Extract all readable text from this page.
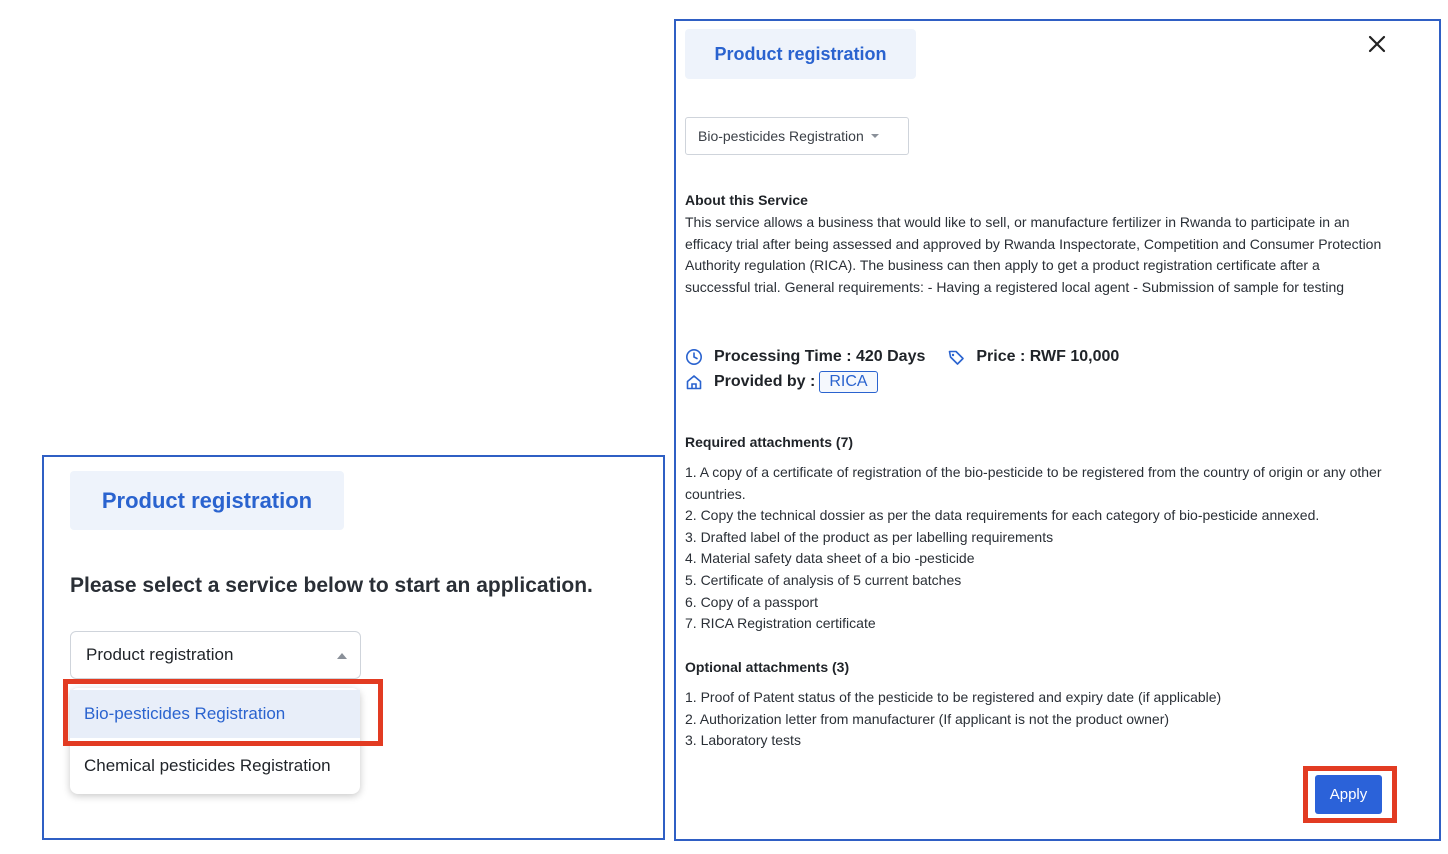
Product registration
Please select a service below to start an application.
Product registration
Bio-pesticides Registration
Chemical pesticides Registration
Product registration
Bio-pesticides Registration
About this Service
This service allows a business that would like to sell, or manufacture fertilizer in Rwanda to participate in an efficacy trial after being assessed and approved by Rwanda Inspectorate, Competition and Consumer Protection Authority regulation (RICA). The business can then apply to get a product registration certificate after a successful trial. General requirements: - Having a registered local agent - Submission of sample for testing
Processing Time : 420 Days	Price : RWF 10,000
Provided by : RICA
Required attachments (7)
1. A copy of a certificate of registration of the bio-pesticide to be registered from the country of origin or any other countries.
2. Copy the technical dossier as per the data requirements for each category of bio-pesticide annexed.
3. Drafted label of the product as per labelling requirements
4. Material safety data sheet of a bio -pesticide
5. Certificate of analysis of 5 current batches
6. Copy of a passport
7. RICA Registration certificate
Optional attachments (3)
1. Proof of Patent status of the pesticide to be registered and expiry date (if applicable)
2. Authorization letter from manufacturer (If applicant is not the product owner)
3. Laboratory tests
Apply
